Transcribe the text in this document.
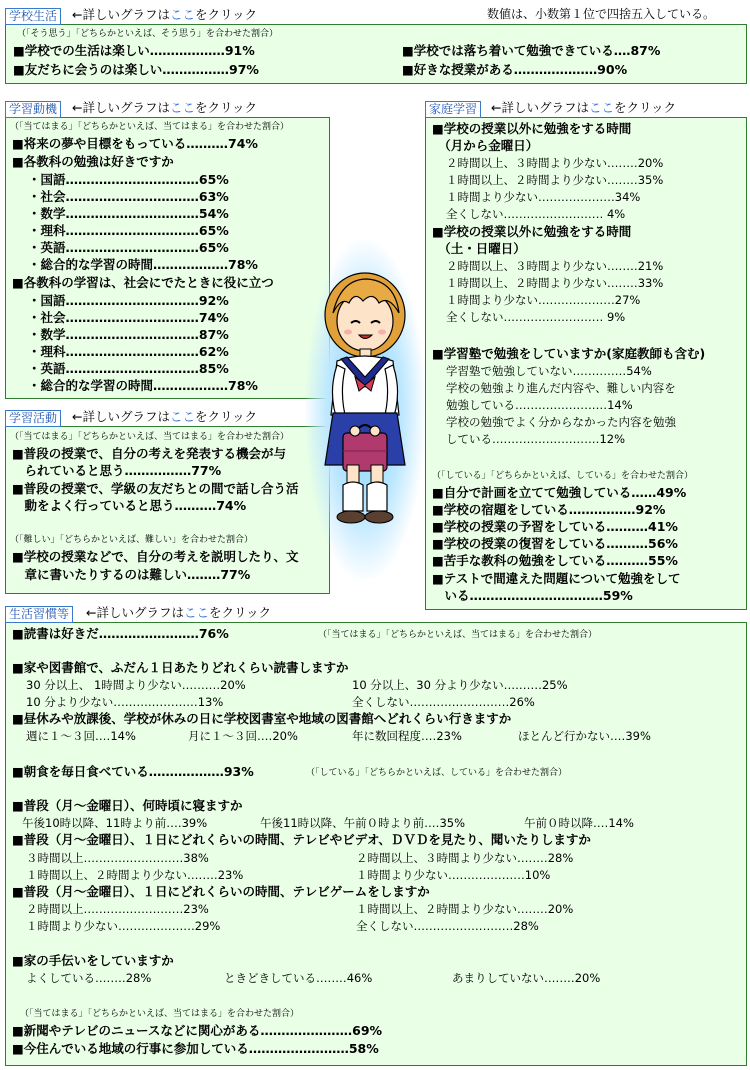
学校生活	←詳しいグラフはここをクリック	数値は、小数第１位で四捨五入している。
（「そう思う」「どちらかといえば、そう思う」を合わせた割合）
■学校での生活は楽しい‥‥‥‥‥‥‥‥‥91%
■友だちに会うのは楽しい‥‥‥‥‥‥‥‥97%
■学校では落ち着いて勉強できている‥‥87%
■好きな授業がある‥‥‥‥‥‥‥‥‥‥90%
学習動機	←詳しいグラフはここをクリック
（「当てはまる」「どちらかといえば、当てはまる」を合わせた割合）
■将来の夢や目標をもっている‥‥‥‥‥74%
■各教科の勉強は好きですか
・国語‥‥‥‥‥‥‥‥‥‥‥‥‥‥‥‥65%
・社会‥‥‥‥‥‥‥‥‥‥‥‥‥‥‥‥63%
・数学‥‥‥‥‥‥‥‥‥‥‥‥‥‥‥‥54%
・理科‥‥‥‥‥‥‥‥‥‥‥‥‥‥‥‥65%
・英語‥‥‥‥‥‥‥‥‥‥‥‥‥‥‥‥65%
・総合的な学習の時間‥‥‥‥‥‥‥‥‥78%
■各教科の学習は、社会にでたときに役に立つ
・国語‥‥‥‥‥‥‥‥‥‥‥‥‥‥‥‥92%
・社会‥‥‥‥‥‥‥‥‥‥‥‥‥‥‥‥74%
・数学‥‥‥‥‥‥‥‥‥‥‥‥‥‥‥‥87%
・理科‥‥‥‥‥‥‥‥‥‥‥‥‥‥‥‥62%
・英語‥‥‥‥‥‥‥‥‥‥‥‥‥‥‥‥85%
・総合的な学習の時間‥‥‥‥‥‥‥‥‥78%
学習活動	←詳しいグラフはここをクリック
（「当てはまる」「どちらかといえば、当てはまる」を合わせた割合）
■普段の授業で、自分の考えを発表する機会が与
　られていると思う‥‥‥‥‥‥‥‥77%
■普段の授業で、学級の友だちとの間で話し合う活
　動をよく行っていると思う‥‥‥‥‥74%
（「難しい」「どちらかといえば、難しい」を合わせた割合）
■学校の授業などで、自分の考えを説明したり、文
　章に書いたりするのは難しい‥‥‥‥77%
家庭学習	←詳しいグラフはここをクリック
■学校の授業以外に勉強をする時間
　（月から金曜日）
２時間以上、３時間より少ない‥‥‥‥20%
１時間以上、２時間より少ない‥‥‥‥35%
１時間より少ない‥‥‥‥‥‥‥‥‥‥34%
全くしない‥‥‥‥‥‥‥‥‥‥‥‥‥ 4%
■学校の授業以外に勉強をする時間
　（土・日曜日）
２時間以上、３時間より少ない‥‥‥‥21%
１時間以上、２時間より少ない‥‥‥‥33%
１時間より少ない‥‥‥‥‥‥‥‥‥‥27%
全くしない‥‥‥‥‥‥‥‥‥‥‥‥‥ 9%
■学習塾で勉強をしていますか(家庭教師も含む)
学習塾で勉強していない‥‥‥‥‥‥‥54%
学校の勉強より進んだ内容や、難しい内容を
勉強している‥‥‥‥‥‥‥‥‥‥‥‥14%
学校の勉強でよく分からなかった内容を勉強
している‥‥‥‥‥‥‥‥‥‥‥‥‥‥12%
（「している」「どちらかといえば、している」を合わせた割合）
■自分で計画を立てて勉強している‥‥‥49%
■学校の宿題をしている‥‥‥‥‥‥‥‥92%
■学校の授業の予習をしている‥‥‥‥‥41%
■学校の授業の復習をしている‥‥‥‥‥56%
■苦手な教科の勉強をしている‥‥‥‥‥55%
■テストで間違えた問題について勉強をして
　いる‥‥‥‥‥‥‥‥‥‥‥‥‥‥‥‥59%
生活習慣等	←詳しいグラフはここをクリック
■読書は好きだ‥‥‥‥‥‥‥‥‥‥‥‥76%	（「当てはまる」「どちらかといえば、当てはまる」を合わせた割合）
■家や図書館で、ふだん１日あたりどれくらい読書しますか
30 分以上、 1時間より少ない‥‥‥‥‥20%	10 分以上、30 分より少ない‥‥‥‥‥25%
10 分より少ない‥‥‥‥‥‥‥‥‥‥‥13%	全くしない‥‥‥‥‥‥‥‥‥‥‥‥‥26%
■昼休みや放課後、学校が休みの日に学校図書室や地域の図書館へどれくらい行きますか
週に１～３回‥‥14%	月に１～３回‥‥20%	年に数回程度‥‥23%	ほとんど行かない‥‥39%
■朝食を毎日食べている‥‥‥‥‥‥‥‥‥93%	（「している」「どちらかといえば、している」を合わせた割合）
■普段（月～金曜日）、何時頃に寝ますか
午後10時以降、11時より前‥‥39%	午後11時以降、午前０時より前‥‥35%	午前０時以降‥‥14%
■普段（月～金曜日）、１日にどれくらいの時間、テレビやビデオ、ＤＶＤを見たり、聞いたりしますか
３時間以上‥‥‥‥‥‥‥‥‥‥‥‥‥38%	２時間以上、３時間より少ない‥‥‥‥28%
１時間以上、２時間より少ない‥‥‥‥23%	１時間より少ない‥‥‥‥‥‥‥‥‥‥10%
■普段（月～金曜日）、１日にどれくらいの時間、テレビゲームをしますか
２時間以上‥‥‥‥‥‥‥‥‥‥‥‥‥23%	１時間以上、２時間より少ない‥‥‥‥20%
１時間より少ない‥‥‥‥‥‥‥‥‥‥29%	全くしない‥‥‥‥‥‥‥‥‥‥‥‥‥28%
■家の手伝いをしていますか
よくしている‥‥‥‥28%	ときどきしている‥‥‥‥46%	あまりしていない‥‥‥‥20%
（「当てはまる」「どちらかといえば、当てはまる」を合わせた割合）
■新聞やテレビのニュースなどに関心がある‥‥‥‥‥‥‥‥‥‥‥69%
■今住んでいる地域の行事に参加している‥‥‥‥‥‥‥‥‥‥‥‥58%
